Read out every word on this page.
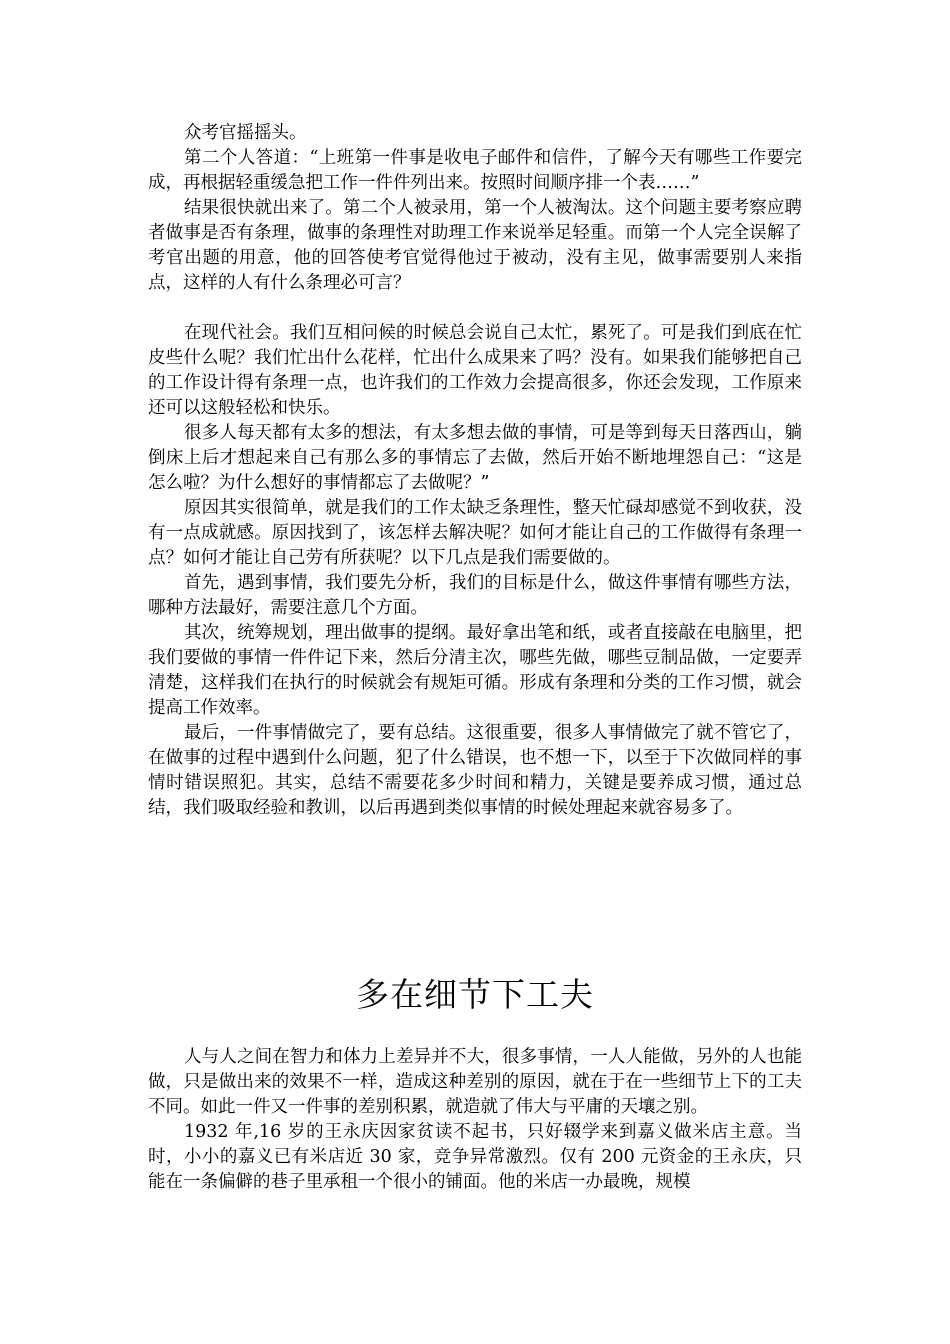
众考官摇摇头。

第二个人答道：“上班第一件事是收电子邮件和信件，了解今天有哪些工作要完成，再根据轻重缓急把工作一件件列出来。按照时间顺序排一个表……”

结果很快就出来了。第二个人被录用，第一个人被淘汰。这个问题主要考察应聘者做事是否有条理，做事的条理性对助理工作来说举足轻重。而第一个人完全误解了考官出题的用意，他的回答使考官觉得他过于被动，没有主见，做事需要别人来指点，这样的人有什么条理必可言？

在现代社会。我们互相问候的时候总会说自己太忙，累死了。可是我们到底在忙皮些什么呢？我们忙出什么花样，忙出什么成果来了吗？没有。如果我们能够把自己的工作设计得有条理一点，也许我们的工作效力会提高很多，你还会发现，工作原来还可以这般轻松和快乐。

很多人每天都有太多的想法，有太多想去做的事情，可是等到每天日落西山，躺倒床上后才想起来自己有那么多的事情忘了去做，然后开始不断地埋怨自己：“这是怎么啦？为什么想好的事情都忘了去做呢？”

原因其实很简单，就是我们的工作太缺乏条理性，整天忙碌却感觉不到收获，没有一点成就感。原因找到了，该怎样去解决呢？如何才能让自己的工作做得有条理一点？如何才能让自己劳有所获呢？以下几点是我们需要做的。

首先，遇到事情，我们要先分析，我们的目标是什么，做这件事情有哪些方法，哪种方法最好，需要注意几个方面。

其次，统筹规划，理出做事的提纲。最好拿出笔和纸，或者直接敲在电脑里，把我们要做的事情一件件记下来，然后分清主次，哪些先做，哪些豆制品做，一定要弄清楚，这样我们在执行的时候就会有规矩可循。形成有条理和分类的工作习惯，就会提高工作效率。

最后，一件事情做完了，要有总结。这很重要，很多人事情做完了就不管它了，在做事的过程中遇到什么问题，犯了什么错误，也不想一下，以至于下次做同样的事情时错误照犯。其实，总结不需要花多少时间和精力，关键是要养成习惯，通过总结，我们吸取经验和教训，以后再遇到类似事情的时候处理起来就容易多了。

多在细节下工夫

人与人之间在智力和体力上差异并不大，很多事情，一人人能做，另外的人也能做，只是做出来的效果不一样，造成这种差别的原因，就在于在一些细节上下的工夫不同。如此一件又一件事的差别积累，就造就了伟大与平庸的天壤之别。

1932 年,16 岁的王永庆因家贫读不起书，只好辍学来到嘉义做米店主意。当时，小小的嘉义已有米店近 30 家，竞争异常激烈。仅有 200 元资金的王永庆，只能在一条偏僻的巷子里承租一个很小的铺面。他的米店一办最晚，规模
